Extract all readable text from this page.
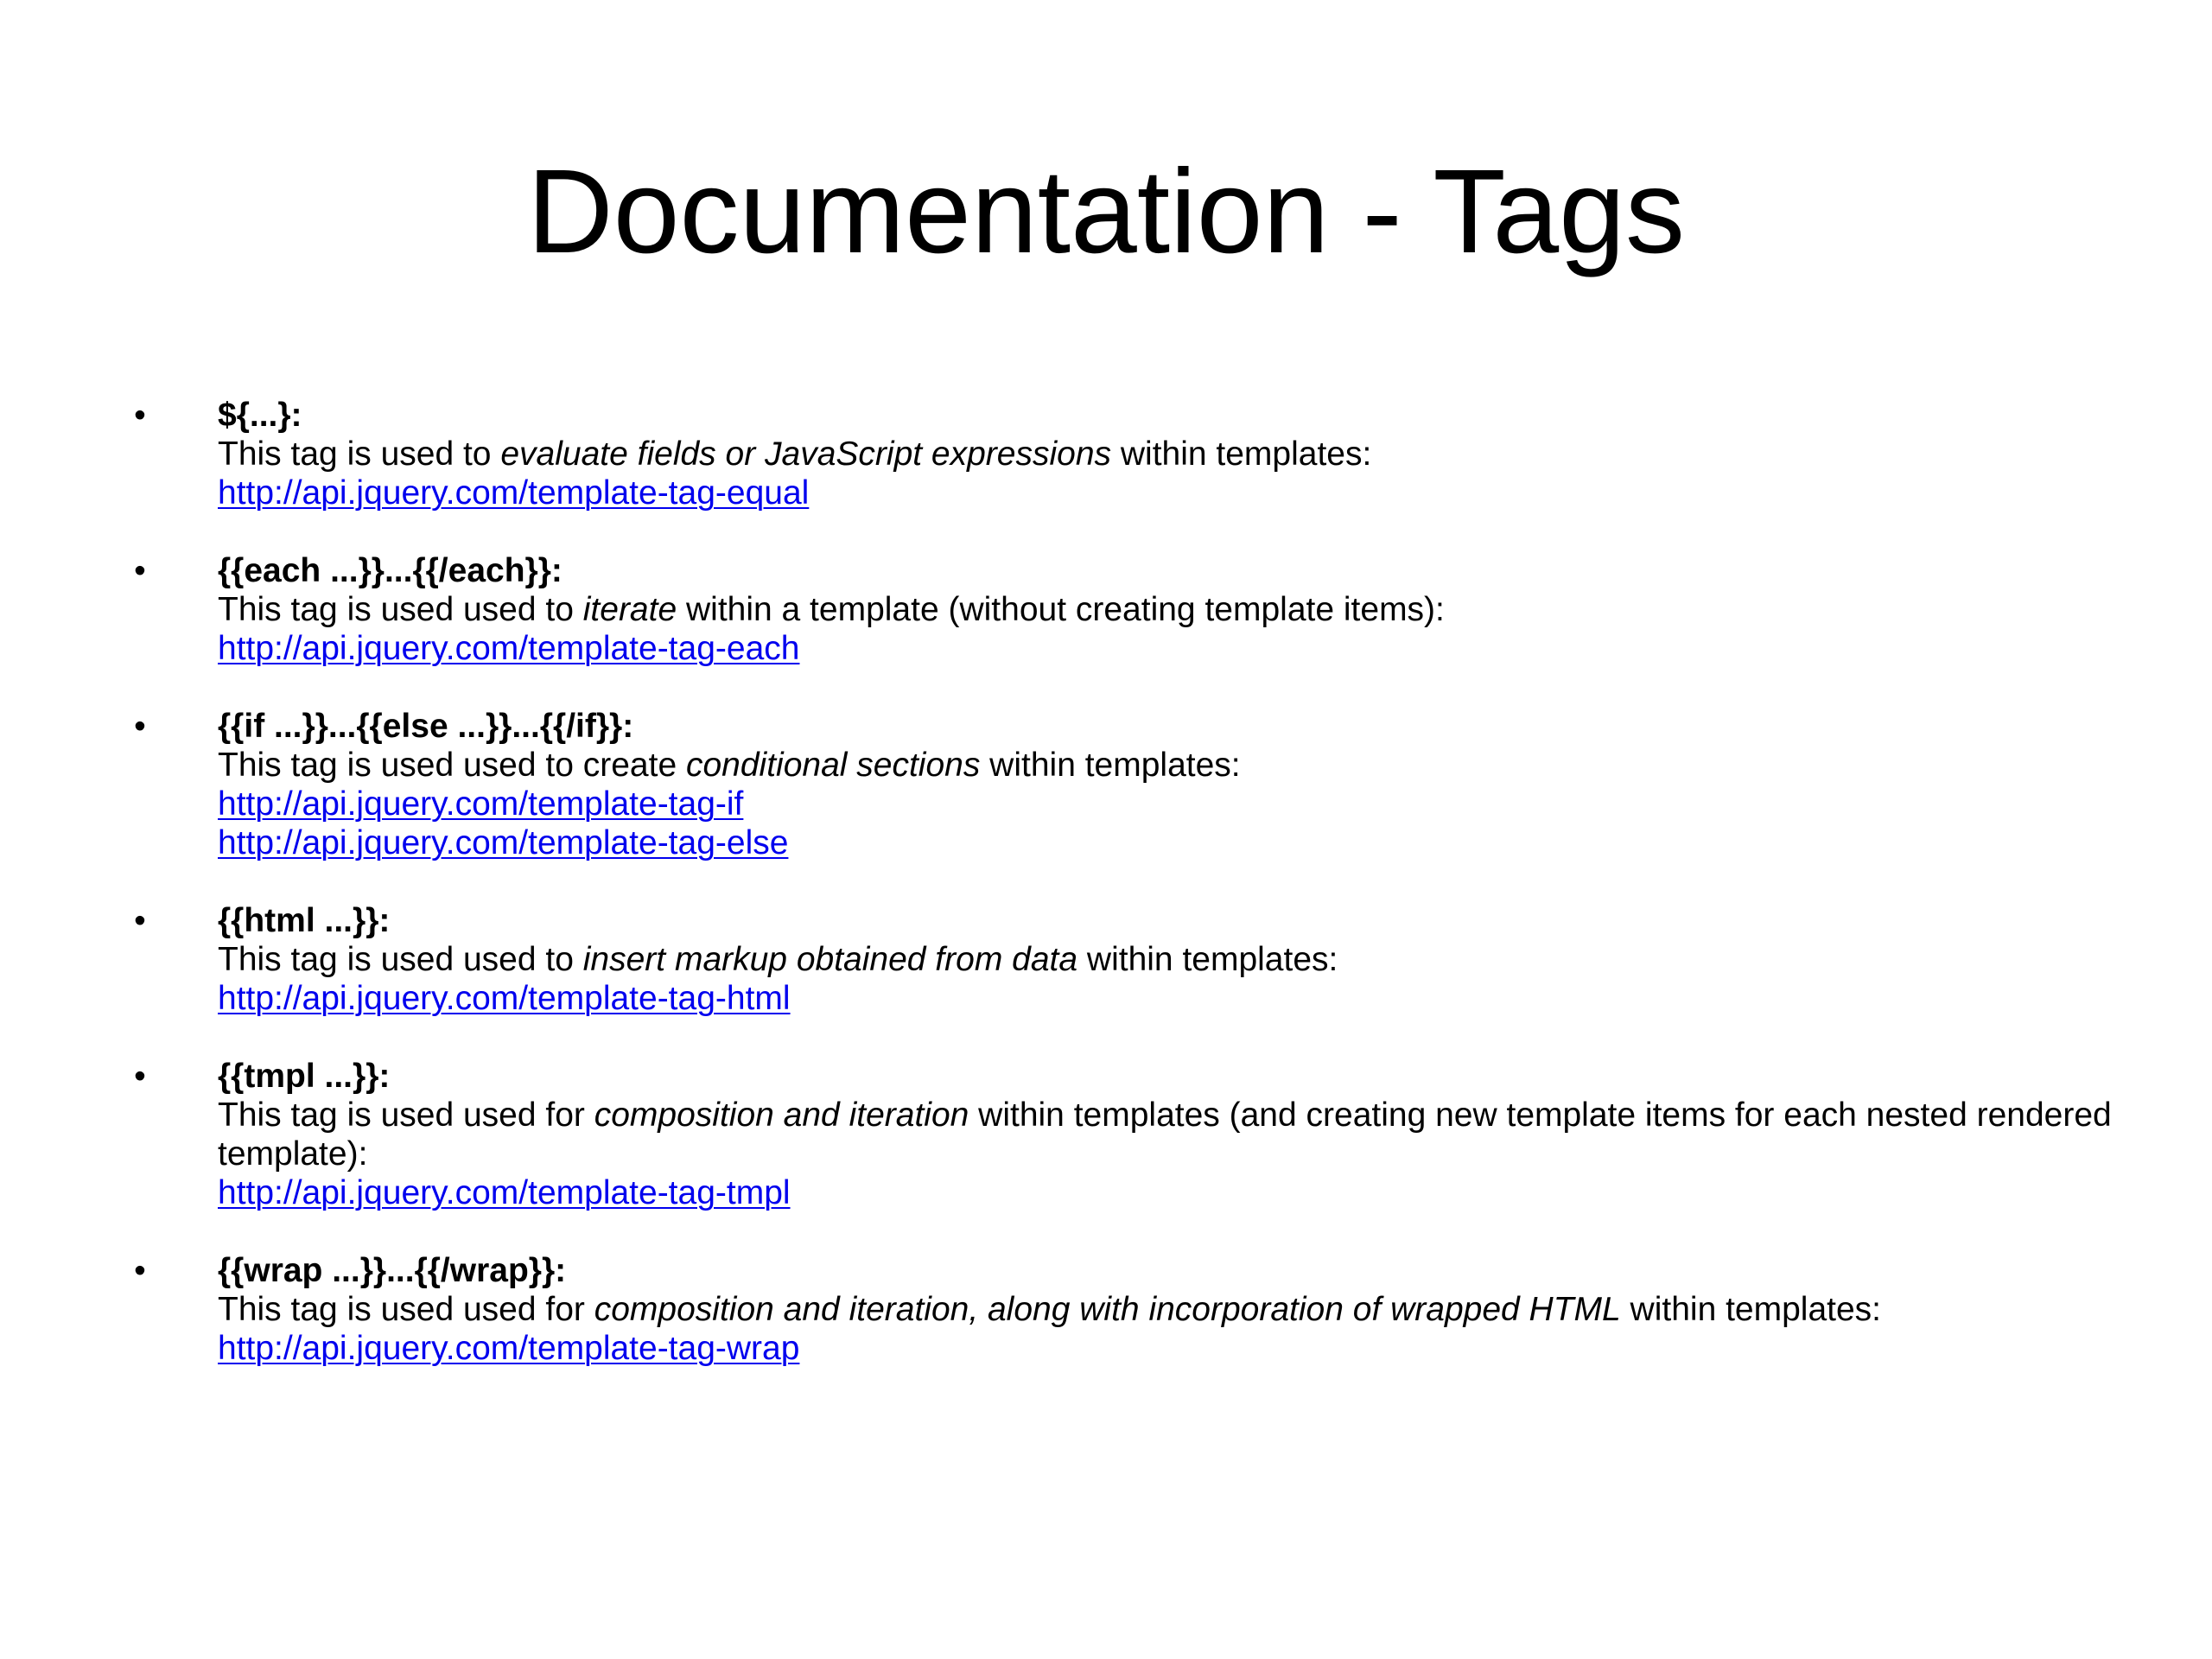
Documentation - Tags
• ${...}:
This tag is used to evaluate fields or JavaScript expressions within templates:
http://api.jquery.com/template-tag-equal
• {{each ...}}...{{/each}}:
This tag is used used to iterate within a template (without creating template items):
http://api.jquery.com/template-tag-each
• {{if ...}}...{{else ...}}...{{/if}}:
This tag is used used to create conditional sections within templates:
http://api.jquery.com/template-tag-if
http://api.jquery.com/template-tag-else
• {{html ...}}:
This tag is used used to insert markup obtained from data within templates:
http://api.jquery.com/template-tag-html
• {{tmpl ...}}:
This tag is used used for composition and iteration within templates (and creating new template items for each nested rendered template):
http://api.jquery.com/template-tag-tmpl
• {{wrap ...}}...{{/wrap}}:
This tag is used used for composition and iteration, along with incorporation of wrapped HTML within templates:
http://api.jquery.com/template-tag-wrap
